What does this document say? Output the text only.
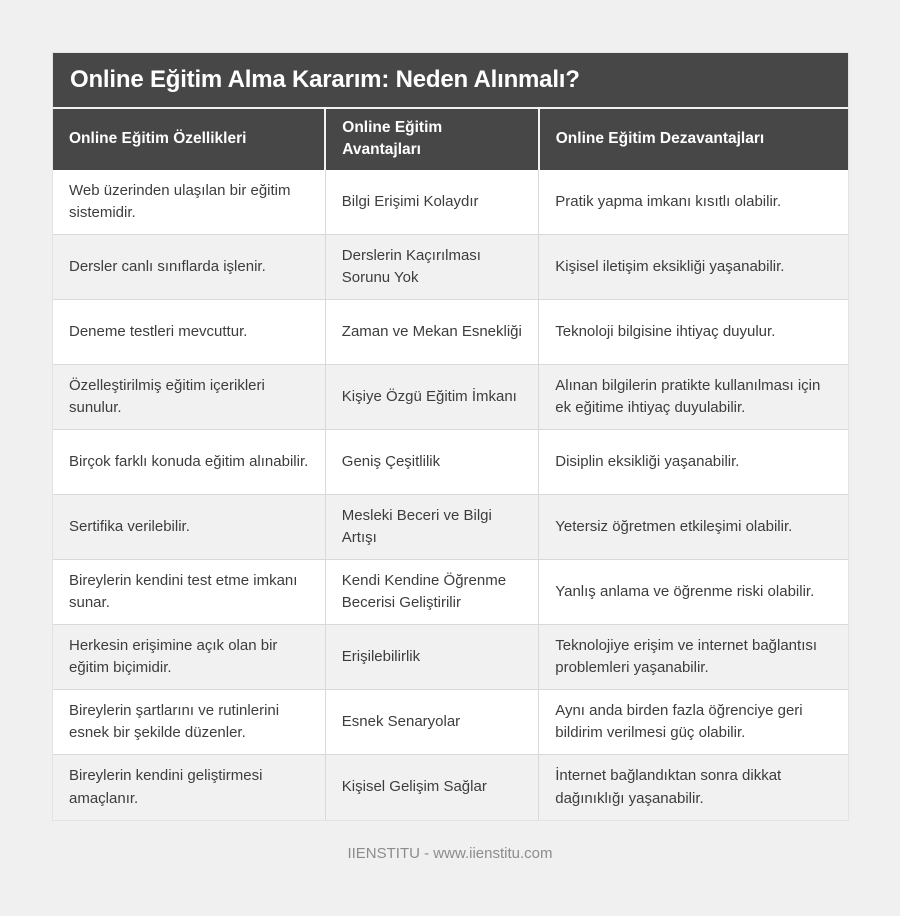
Online Eğitim Alma Kararım: Neden Alınmalı?
Online Eğitim Özellikleri	Online Eğitim Avantajları	Online Eğitim Dezavantajları
Web üzerinden ulaşılan bir eğitim sistemidir.	Bilgi Erişimi Kolaydır	Pratik yapma imkanı kısıtlı olabilir.
Dersler canlı sınıflarda işlenir.	Derslerin Kaçırılması Sorunu Yok	Kişisel iletişim eksikliği yaşanabilir.
Deneme testleri mevcuttur.	Zaman ve Mekan Esnekliği	Teknoloji bilgisine ihtiyaç duyulur.
Özelleştirilmiş eğitim içerikleri sunulur.	Kişiye Özgü Eğitim İmkanı	Alınan bilgilerin pratikte kullanılması için ek eğitime ihtiyaç duyulabilir.
Birçok farklı konuda eğitim alınabilir.	Geniş Çeşitlilik	Disiplin eksikliği yaşanabilir.
Sertifika verilebilir.	Mesleki Beceri ve Bilgi Artışı	Yetersiz öğretmen etkileşimi olabilir.
Bireylerin kendini test etme imkanı sunar.	Kendi Kendine Öğrenme Becerisi Geliştirilir	Yanlış anlama ve öğrenme riski olabilir.
Herkesin erişimine açık olan bir eğitim biçimidir.	Erişilebilirlik	Teknolojiye erişim ve internet bağlantısı problemleri yaşanabilir.
Bireylerin şartlarını ve rutinlerini esnek bir şekilde düzenler.	Esnek Senaryolar	Aynı anda birden fazla öğrenciye geri bildirim verilmesi güç olabilir.
Bireylerin kendini geliştirmesi amaçlanır.	Kişisel Gelişim Sağlar	İnternet bağlandıktan sonra dikkat dağınıklığı yaşanabilir.
IIENSTITU - www.iienstitu.com
